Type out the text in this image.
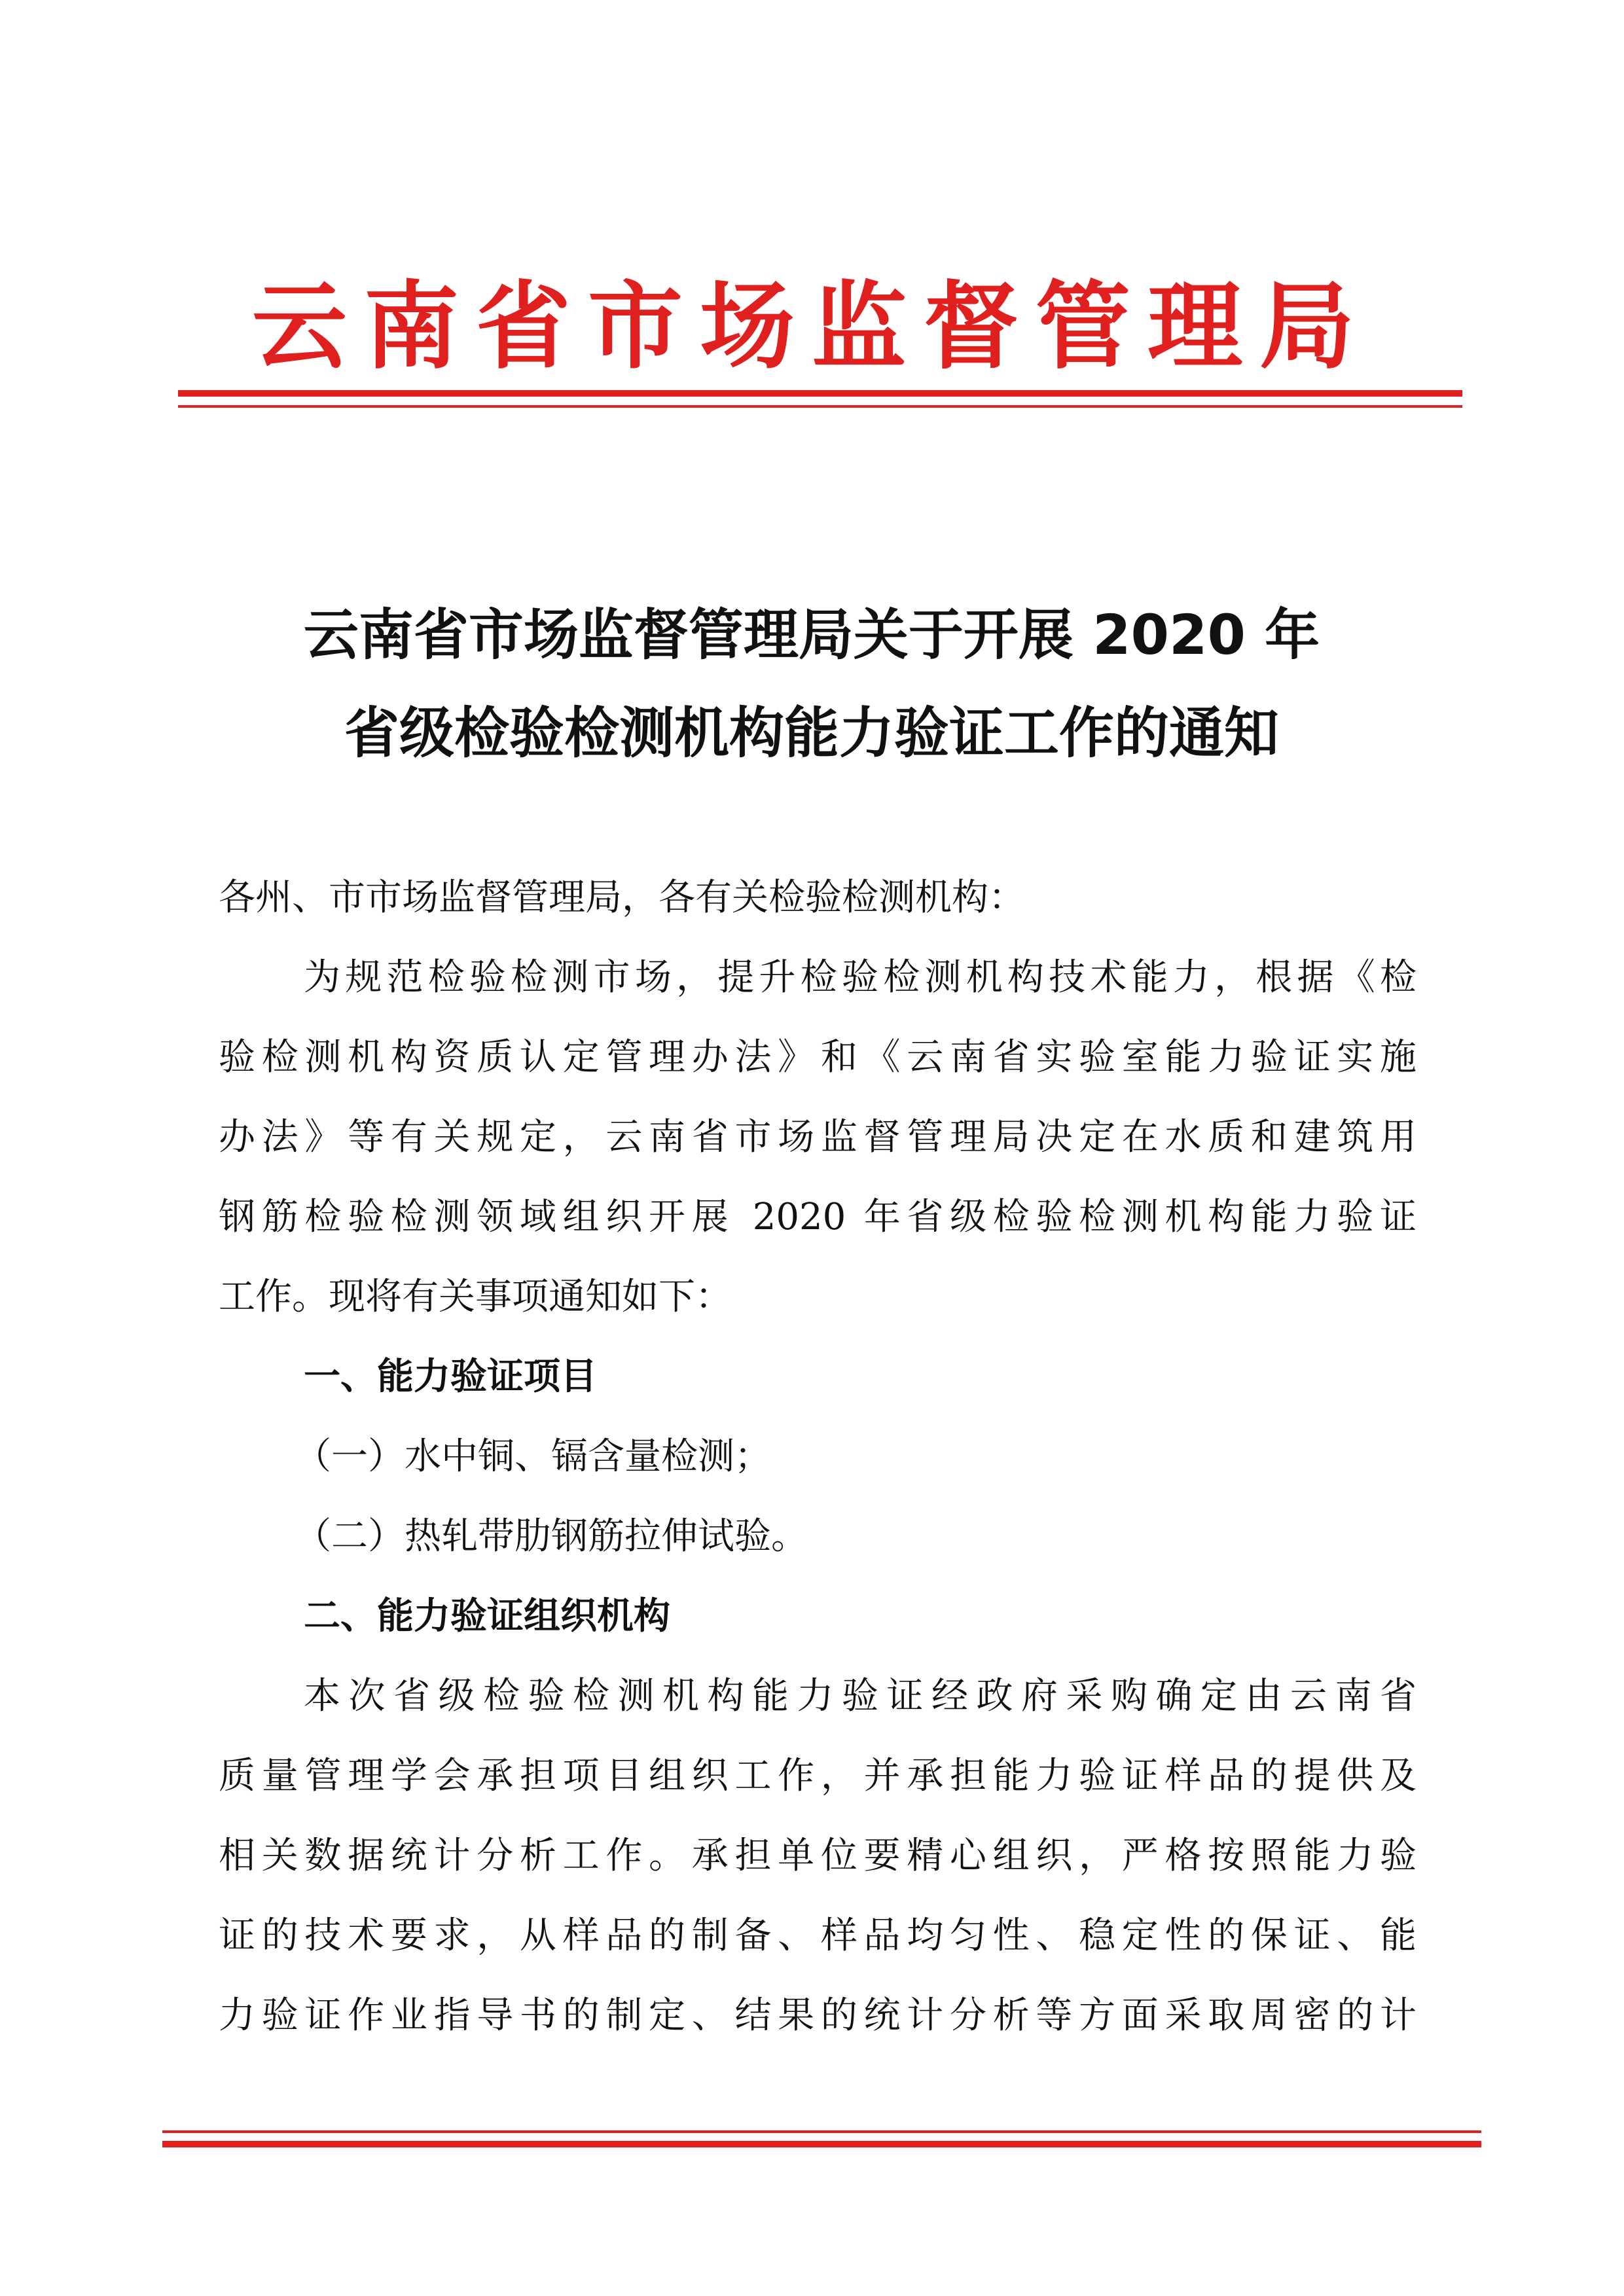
云南省市场监督管理局
云南省市场监督管理局关于开展 2020 年
省级检验检测机构能力验证工作的通知
各州、市市场监督管理局，各有关检验检测机构：
为规范检验检测市场，提升检验检测机构技术能力，根据《检
验检测机构资质认定管理办法》和《云南省实验室能力验证实施
办法》等有关规定，云南省市场监督管理局决定在水质和建筑用
钢筋检验检测领域组织开展 2020 年省级检验检测机构能力验证
工作。现将有关事项通知如下：
一、能力验证项目
（一）水中铜、镉含量检测；
（二）热轧带肋钢筋拉伸试验。
二、能力验证组织机构
本次省级检验检测机构能力验证经政府采购确定由云南省
质量管理学会承担项目组织工作，并承担能力验证样品的提供及
相关数据统计分析工作。承担单位要精心组织，严格按照能力验
证的技术要求，从样品的制备、样品均匀性、稳定性的保证、能
力验证作业指导书的制定、结果的统计分析等方面采取周密的计
